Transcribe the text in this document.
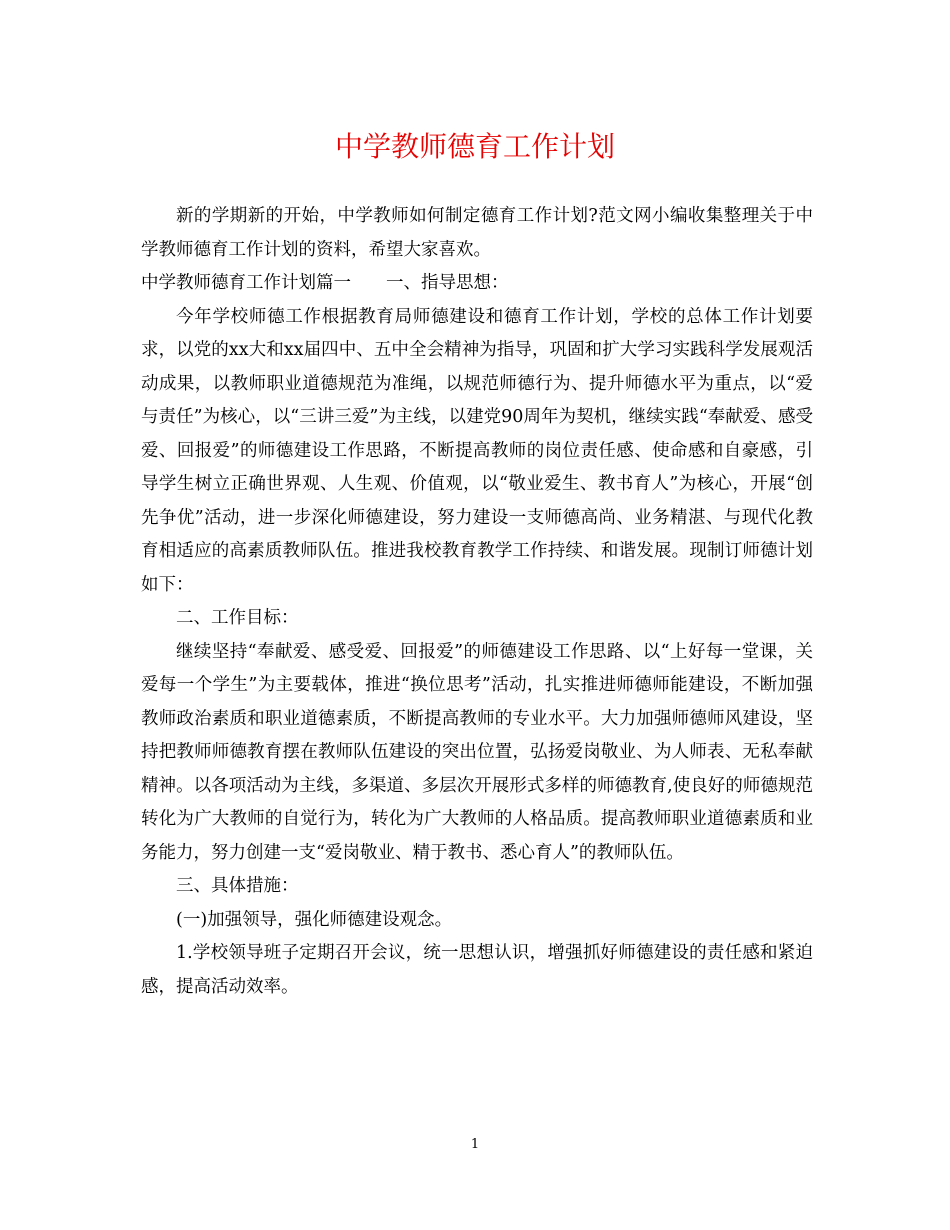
中学教师德育工作计划

新的学期新的开始，中学教师如何制定德育工作计划?范文网小编收集整理关于中学教师德育工作计划的资料，希望大家喜欢。

中学教师德育工作计划篇一　　一、指导思想：

今年学校师德工作根据教育局师德建设和德育工作计划，学校的总体工作计划要求，以党的xx大和xx届四中、五中全会精神为指导，巩固和扩大学习实践科学发展观活动成果，以教师职业道德规范为准绳，以规范师德行为、提升师德水平为重点，以“爱与责任”为核心，以“三讲三爱”为主线，以建党90周年为契机，继续实践“奉献爱、感受爱、回报爱”的师德建设工作思路，不断提高教师的岗位责任感、使命感和自豪感，引导学生树立正确世界观、人生观、价值观，以“敬业爱生、教书育人”为核心，开展“创先争优”活动，进一步深化师德建设，努力建设一支师德高尚、业务精湛、与现代化教育相适应的高素质教师队伍。推进我校教育教学工作持续、和谐发展。现制订师德计划如下：

二、工作目标：

继续坚持“奉献爱、感受爱、回报爱”的师德建设工作思路、以“上好每一堂课，关爱每一个学生”为主要载体，推进“换位思考”活动，扎实推进师德师能建设，不断加强教师政治素质和职业道德素质，不断提高教师的专业水平。大力加强师德师风建设，坚持把教师师德教育摆在教师队伍建设的突出位置，弘扬爱岗敬业、为人师表、无私奉献精神。以各项活动为主线，多渠道、多层次开展形式多样的师德教育,使良好的师德规范转化为广大教师的自觉行为，转化为广大教师的人格品质。提高教师职业道德素质和业务能力，努力创建一支“爱岗敬业、精于教书、悉心育人”的教师队伍。

三、具体措施：

(一)加强领导，强化师德建设观念。

1.学校领导班子定期召开会议，统一思想认识，增强抓好师德建设的责任感和紧迫感，提高活动效率。

1
